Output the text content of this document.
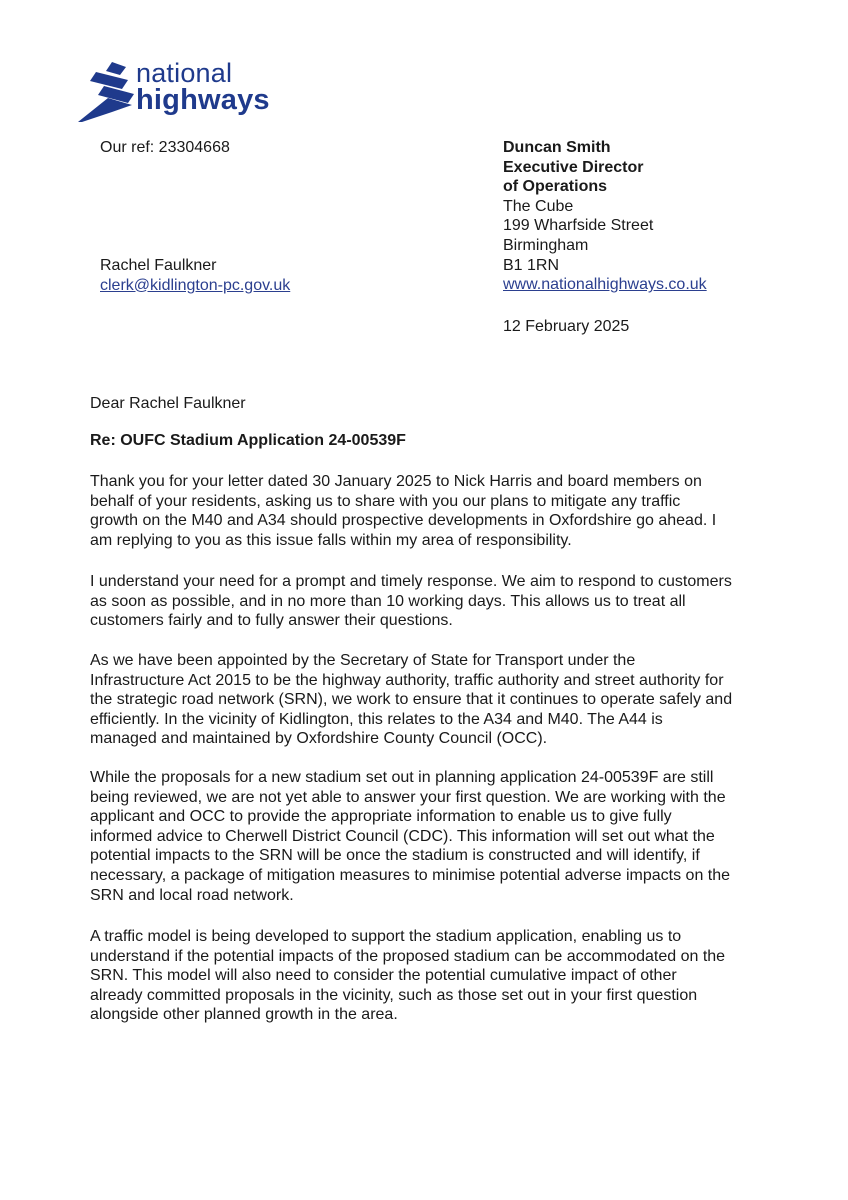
national
highways
Our ref: 23304668
Rachel Faulkner
clerk@kidlington-pc.gov.uk
Duncan Smith
Executive Director
of Operations
The Cube
199 Wharfside Street
Birmingham
B1 1RN
www.nationalhighways.co.uk
12 February 2025
Dear Rachel Faulkner
Re: OUFC Stadium Application 24-00539F

Thank you for your letter dated 30 January 2025 to Nick Harris and board members on
behalf of your residents, asking us to share with you our plans to mitigate any traffic
growth on the M40 and A34 should prospective developments in Oxfordshire go ahead. I
am replying to you as this issue falls within my area of responsibility.

I understand your need for a prompt and timely response. We aim to respond to customers
as soon as possible, and in no more than 10 working days. This allows us to treat all
customers fairly and to fully answer their questions.

As we have been appointed by the Secretary of State for Transport under the
Infrastructure Act 2015 to be the highway authority, traffic authority and street authority for
the strategic road network (SRN), we work to ensure that it continues to operate safely and
efficiently. In the vicinity of Kidlington, this relates to the A34 and M40. The A44 is
managed and maintained by Oxfordshire County Council (OCC).

While the proposals for a new stadium set out in planning application 24-00539F are still
being reviewed, we are not yet able to answer your first question. We are working with the
applicant and OCC to provide the appropriate information to enable us to give fully
informed advice to Cherwell District Council (CDC). This information will set out what the
potential impacts to the SRN will be once the stadium is constructed and will identify, if
necessary, a package of mitigation measures to minimise potential adverse impacts on the
SRN and local road network.

A traffic model is being developed to support the stadium application, enabling us to
understand if the potential impacts of the proposed stadium can be accommodated on the
SRN. This model will also need to consider the potential cumulative impact of other
already committed proposals in the vicinity, such as those set out in your first question
alongside other planned growth in the area.
